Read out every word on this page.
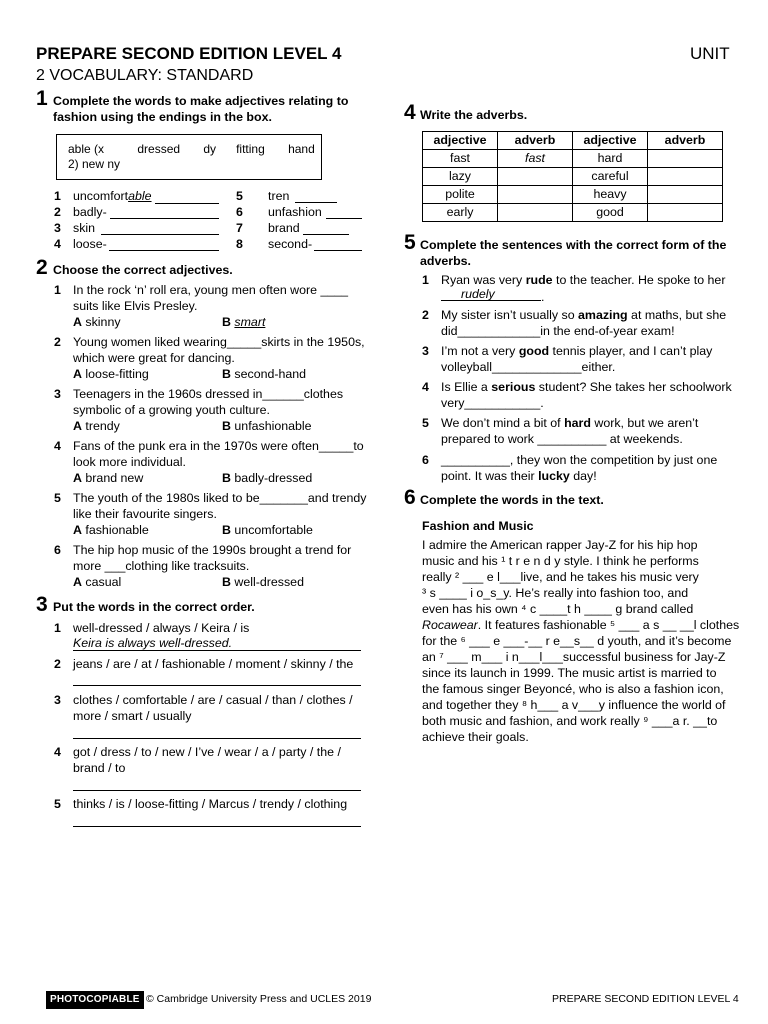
PREPARE SECOND EDITION LEVEL 4
2 VOCABULARY: STANDARD
UNIT
1 Complete the words to make adjectives relating to
fashion using the endings in the box.
able (x          dressed       dy      fitting       hand
2) new ny
1 uncomfortable
2 badly-
3 skin
4 loose-
5 tren
6 unfashion
7 brand
8 second-
2 Choose the correct adjectives.
1 In the rock ‘n’ roll era, young men often wore ____
suits like Elvis Presley.
A skinny	B smart
2 Young women liked wearing_____skirts in the 1950s,
which were great for dancing.
A loose-fitting	B second-hand
3 Teenagers in the 1960s dressed in______clothes
symbolic of a growing youth culture.
A trendy	B unfashionable
4 Fans of the punk era in the 1970s were often_____to
look more individual.
A brand new	B badly-dressed
5 The youth of the 1980s liked to be_______and trendy
like their favourite singers.
A fashionable	B uncomfortable
6 The hip hop music of the 1990s brought a trend for
more ___clothing like tracksuits.
A casual	B well-dressed
3 Put the words in the correct order.
1 well-dressed / always / Keira / is
Keira is always well-dressed.
2 jeans / are / at / fashionable / moment / skinny / the
3 clothes / comfortable / are / casual / than / clothes /
more / smart / usually
4 got / dress / to / new / I’ve / wear / a / party / the /
brand / to
5 thinks / is / loose-fitting / Marcus / trendy / clothing
4 Write the adverbs.
adjective	adverb	adjective	adverb
fast	fast	hard	
lazy		careful	
polite		heavy	
early		good	
5 Complete the sentences with the correct form of the
adverbs.
1 Ryan was very rude to the teacher. He spoke to her
rudely	.
2 My sister isn’t usually so amazing at maths, but she
did____________in the end-of-year exam!
3 I’m not a very good tennis player, and I can’t play
volleyball_____________either.
4 Is Ellie a serious student? She takes her schoolwork
very___________.
5 We don’t mind a bit of hard work, but we aren’t
prepared to work __________ at weekends.
6 __________, they won the competition by just one
point. It was their lucky day!
6 Complete the words in the text.
Fashion and Music
I admire the American rapper Jay-Z for his hip hop
music and his ¹ t r e n d y style. I think he performs
really ² ___ e l___live, and he takes his music very
³ s ____ i o_s_y. He’s really into fashion too, and
even has his own ⁴ c ____t h ____ g brand called
Rocawear. It features fashionable ⁵ ___ a s __ __l clothes
for the ⁶ ___ e ___-__ r e__s__ d youth, and it’s become
an ⁷ ___ m___ i n___l___successful business for Jay-Z
since its launch in 1999. The music artist is married to
the famous singer Beyoncé, who is also a fashion icon,
and together they ⁸ h___ a v___y influence the world of
both music and fashion, and work really ⁹ ___a r. __to
achieve their goals.
PHOTOCOPIABLE © Cambridge University Press and UCLES 2019	PREPARE SECOND EDITION LEVEL 4
